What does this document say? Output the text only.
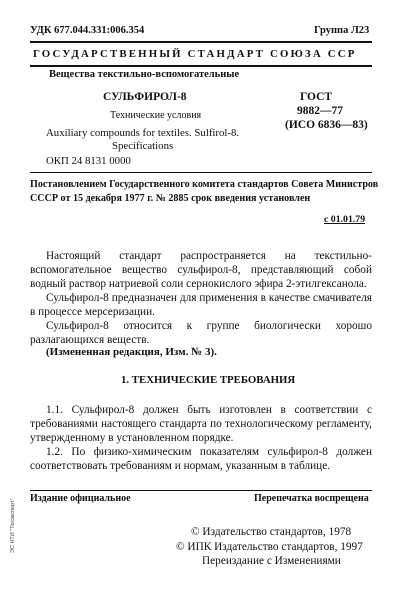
УДК 677.044.331:006.354	Группа Л23
ГОСУДАРСТВЕННЫЙ СТАНДАРТ СОЮЗА ССР
Вещества текстильно-вспомогательные
СУЛЬФИРОЛ-8	ГОСТ
9882—77
(ИСО 6836—83)
Технические условия
Auxiliary compounds for textiles. Sulfirol-8.
Specifications
ОКП 24 8131 0000
Постановлением Государственного комитета стандартов Совета Министров
СССР от 15 декабря 1977 г. № 2885 срок введения установлен
с 01.01.79
Настоящий стандарт распространяется на текстильно-вспомогательное вещество сульфирол-8, представляющий собой водный раствор натриевой соли сернокислого эфира 2-этилгексанола.
Сульфирол-8 предназначен для применения в качестве смачивателя в процессе мерсеризации.
Сульфирол-8 относится к группе биологически хорошо разлагающихся веществ.
(Измененная редакция, Изм. № 3).
1. ТЕХНИЧЕСКИЕ ТРЕБОВАНИЯ
1.1. Сульфирол-8 должен быть изготовлен в соответствии с требованиями настоящего стандарта по технологическому регламенту, утвержденному в установленном порядке.
1.2. По физико-химическим показателям сульфирол-8 должен соответствовать требованиям и нормам, указанным в таблице.
Издание официальное	Перепечатка воспрещена
© Издательство стандартов, 1978
© ИПК Издательство стандартов, 1997
Переиздание с Изменениями
ЭС НТИ "Техэксперт"
